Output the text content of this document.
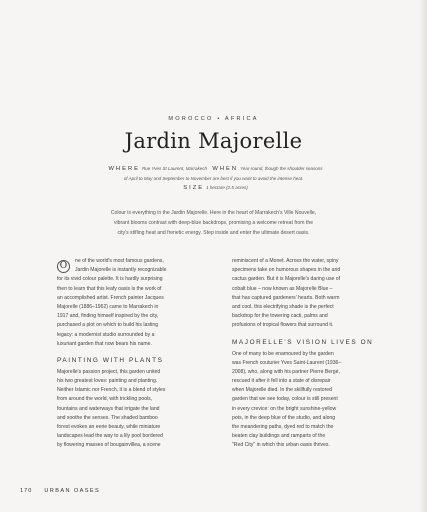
MOROCCO • AFRICA
Jardin Majorelle
WHERE Rue Yves St Laurent, Marrakech WHEN Year-round, though the shoulder seasons
of April to May and September to November are best if you want to avoid the intense heat.
SIZE 1 hectare (2.5 acres)
Colour is everything in the Jardin Majorelle. Here in the heart of Marrakech's Ville Nouvelle,
vibrant blooms contrast with deep-blue backdrops, promising a welcome retreat from the
city's stifling heat and frenetic energy. Step inside and enter the ultimate desert oasis.
O	ne of the world's most famous gardens,
Jardin Majorelle is instantly recognizable
for its vivid colour palette. It is hardly surprising
then to learn that this leafy oasis is the work of
an accomplished artist. French painter Jacques
Majorelle (1886–1962) came to Marrakech in
1917 and, finding himself inspired by the city,
purchased a plot on which to build his lasting
legacy: a modernist studio surrounded by a
luxuriant garden that now bears his name.
PAINTING WITH PLANTS
Majorelle's passion project, this garden united
his two greatest loves: painting and planting.
Neither Islamic nor French, it is a blend of styles
from around the world, with trickling pools,
fountains and waterways that irrigate the land
and soothe the senses. The shaded bamboo
forest evokes an eerie beauty, while miniature
landscapes lead the way to a lily pool bordered
by flowering masses of bougainvillea, a scene
reminiscent of a Monet. Across the water, spiny
specimens take on humorous shapes in the arid
cactus garden. But it is Majorelle's daring use of
cobalt blue – now known as Majorelle Blue –
that has captured gardeners' hearts. Both warm
and cool, this electrifying shade is the perfect
backdrop for the towering cacti, palms and
profusions of tropical flowers that surround it.
MAJORELLE'S VISION LIVES ON
One of many to be enamoured by the garden
was French couturier Yves Saint-Laurent (1936–
2008), who, along with his partner Pierre Bergé,
rescued it after it fell into a state of disrepair
when Majorelle died. In the skillfully restored
garden that we see today, colour is still present
in every crevice: on the bright sunshine-yellow
pots, in the deep blue of the studio, and along
the meandering paths, dyed red to match the
beaten clay buildings and ramparts of the
"Red City" in which this urban oasis thrives.
170 URBAN OASES
